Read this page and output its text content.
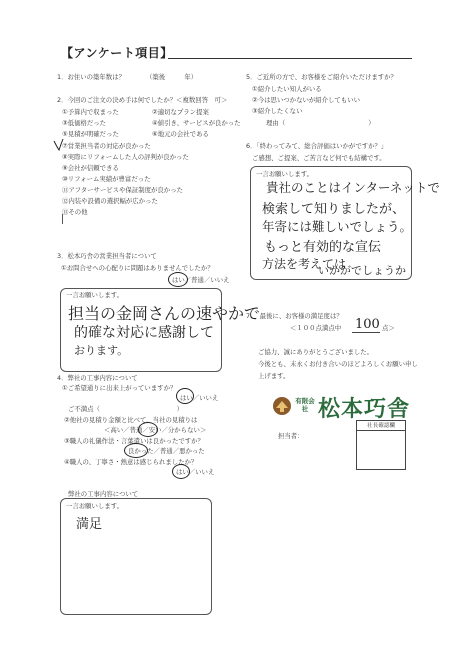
【アンケート項目】
1．お住いの築年数は？	（築後　　　年）
2．今回のご注文の決め手は何でしたか？＜複数回答　可＞
①予算内で収まった	②適切なプラン提案
③低価格だった	④値引き、サービスが良かった
⑤見積が明確だった	⑥地元の会社である
⑦営業担当者の対応が良かった
⑧実際にリフォームした人の評判が良かった
⑨会社が信頼できる
⑩リフォーム実績が豊富だった
⑪アフターサービスや保証制度が良かった
⑫内装や設備の選択幅が広かった
⑬その他
3．松本巧舎の営業担当者について
①お問合せへの心配りに問題はありませんでしたか？
はい／普通／いいえ
一言お願いします。
担当の金岡さんの速やかで
的確な対応に感謝して
おります。
4．弊社の工事内容について
①ご希望通りに出来上がっていますか？
はい／いいえ
ご不満点（　　　　　　　　　　　　）
②他社の見積り金額と比べて、当社の見積りは
＜高い／普通／安い／分からない＞
③職人の礼儀作法・言葉遣いは良かったですか？
良かった／普通／悪かった
④職人の、丁寧さ・熱意は感じられましたか？
はい／いいえ
弊社の工事内容について
一言お願いします。
満足
5．ご近所の方で、お客様をご紹介いただけますか？
①紹介したい知人がいる
②今は思いつかないが紹介してもいい
③紹介したくない
理由（　　　　　　　　　　　　　）
6．「終わってみて、総合評価はいかがですか？」
ご感想、ご提案、ご苦言など何でも結構です。
一言お願いします。
貴社のことはインターネットで
検索して知りましたが、
年寄には難しいでしょう。
もっと有効的な宣伝
方法を考えては
いかがでしょうか
7．　最後に、お客様の満足度は？
＜１００点満点中 100 点＞
ご協力、誠にありがとうございました。
今後とも、末永くお付き合いのほどよろしくお願い申し
上げます。
有限会社 松本巧舎
担当者：
社長確認欄
